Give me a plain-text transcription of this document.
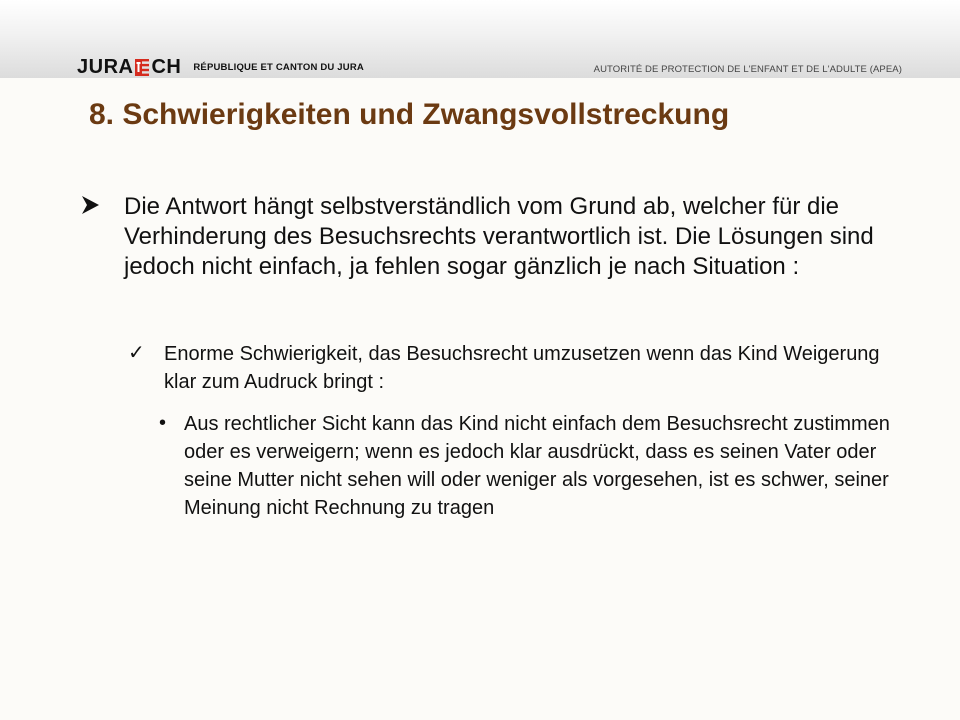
JURA CH RÉPUBLIQUE ET CANTON DU JURA	AUTORITÉ DE PROTECTION DE L'ENFANT ET DE L'ADULTE (APEA)
8. Schwierigkeiten und Zwangsvollstreckung
Die Antwort hängt selbstverständlich vom Grund ab, welcher für die Verhinderung des Besuchsrechts verantwortlich ist. Die Lösungen sind jedoch nicht einfach, ja fehlen sogar gänzlich je nach Situation :
✓ Enorme Schwierigkeit, das Besuchsrecht umzusetzen wenn das Kind Weigerung klar zum Audruck bringt :
• Aus rechtlicher Sicht kann das Kind nicht einfach dem Besuchsrecht zustimmen oder es verweigern; wenn es jedoch klar ausdrückt, dass es seinen Vater oder seine Mutter nicht sehen will oder weniger als vorgesehen, ist es schwer, seiner Meinung nicht Rechnung zu tragen
